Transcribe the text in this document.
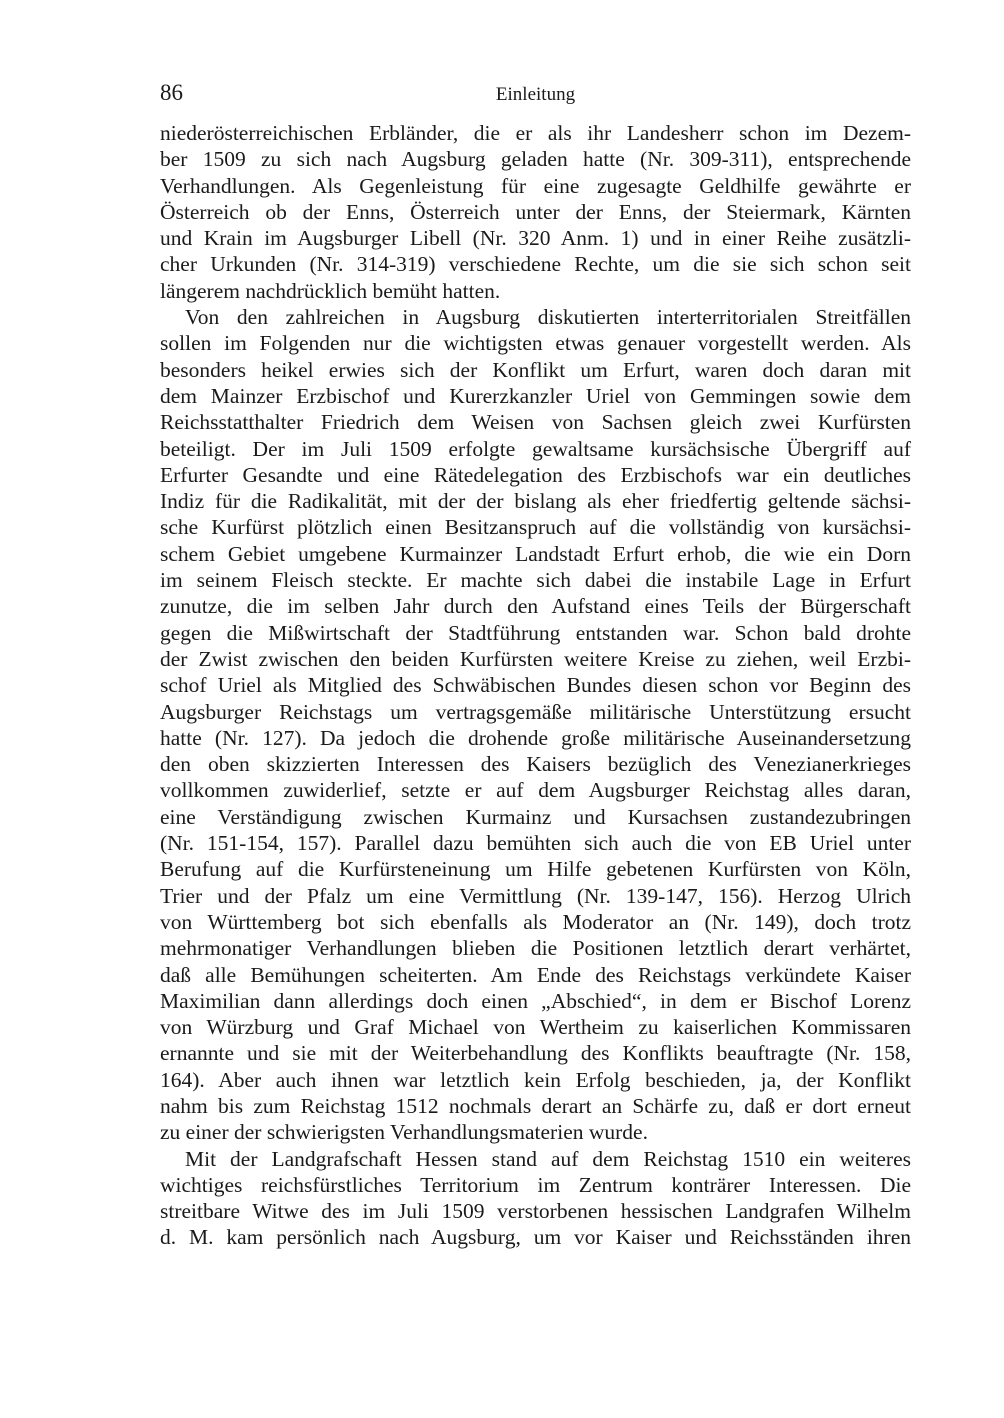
86	Einleitung
niederösterreichischen Erbländer, die er als ihr Landesherr schon im Dezem-
ber 1509 zu sich nach Augsburg geladen hatte (Nr. 309-311), entsprechende
Verhandlungen. Als Gegenleistung für eine zugesagte Geldhilfe gewährte er
Österreich ob der Enns, Österreich unter der Enns, der Steiermark, Kärnten
und Krain im Augsburger Libell (Nr. 320 Anm. 1) und in einer Reihe zusätzli-
cher Urkunden (Nr. 314-319) verschiedene Rechte, um die sie sich schon seit
längerem nachdrücklich bemüht hatten.
Von den zahlreichen in Augsburg diskutierten interterritorialen Streitfällen
sollen im Folgenden nur die wichtigsten etwas genauer vorgestellt werden. Als
besonders heikel erwies sich der Konflikt um Erfurt, waren doch daran mit
dem Mainzer Erzbischof und Kurerzkanzler Uriel von Gemmingen sowie dem
Reichsstatthalter Friedrich dem Weisen von Sachsen gleich zwei Kurfürsten
beteiligt. Der im Juli 1509 erfolgte gewaltsame kursächsische Übergriff auf
Erfurter Gesandte und eine Rätedelegation des Erzbischofs war ein deutliches
Indiz für die Radikalität, mit der der bislang als eher friedfertig geltende sächsi-
sche Kurfürst plötzlich einen Besitzanspruch auf die vollständig von kursächsi-
schem Gebiet umgebene Kurmainzer Landstadt Erfurt erhob, die wie ein Dorn
im seinem Fleisch steckte. Er machte sich dabei die instabile Lage in Erfurt
zunutze, die im selben Jahr durch den Aufstand eines Teils der Bürgerschaft
gegen die Mißwirtschaft der Stadtführung entstanden war. Schon bald drohte
der Zwist zwischen den beiden Kurfürsten weitere Kreise zu ziehen, weil Erzbi-
schof Uriel als Mitglied des Schwäbischen Bundes diesen schon vor Beginn des
Augsburger Reichstags um vertragsgemäße militärische Unterstützung ersucht
hatte (Nr. 127). Da jedoch die drohende große militärische Auseinandersetzung
den oben skizzierten Interessen des Kaisers bezüglich des Venezianerkrieges
vollkommen zuwiderlief, setzte er auf dem Augsburger Reichstag alles daran,
eine Verständigung zwischen Kurmainz und Kursachsen zustandezubringen
(Nr. 151-154, 157). Parallel dazu bemühten sich auch die von EB Uriel unter
Berufung auf die Kurfürsteneinung um Hilfe gebetenen Kurfürsten von Köln,
Trier und der Pfalz um eine Vermittlung (Nr. 139-147, 156). Herzog Ulrich
von Württemberg bot sich ebenfalls als Moderator an (Nr. 149), doch trotz
mehrmonatiger Verhandlungen blieben die Positionen letztlich derart verhärtet,
daß alle Bemühungen scheiterten. Am Ende des Reichstags verkündete Kaiser
Maximilian dann allerdings doch einen „Abschied“, in dem er Bischof Lorenz
von Würzburg und Graf Michael von Wertheim zu kaiserlichen Kommissaren
ernannte und sie mit der Weiterbehandlung des Konflikts beauftragte (Nr. 158,
164). Aber auch ihnen war letztlich kein Erfolg beschieden, ja, der Konflikt
nahm bis zum Reichstag 1512 nochmals derart an Schärfe zu, daß er dort erneut
zu einer der schwierigsten Verhandlungsmaterien wurde.
Mit der Landgrafschaft Hessen stand auf dem Reichstag 1510 ein weiteres
wichtiges reichsfürstliches Territorium im Zentrum konträrer Interessen. Die
streitbare Witwe des im Juli 1509 verstorbenen hessischen Landgrafen Wilhelm
d. M. kam persönlich nach Augsburg, um vor Kaiser und Reichsständen ihren
